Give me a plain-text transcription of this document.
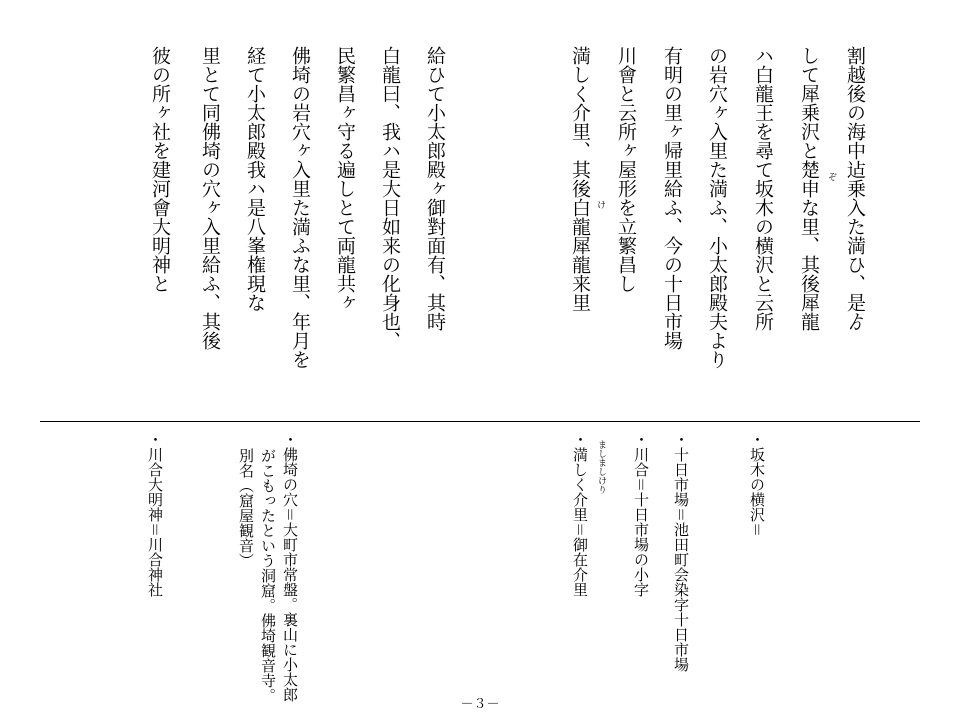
割越後の海中迠乗入た満ひ、是ゟ
して犀乗沢と楚申な里、其後犀龍 ぞ
ハ白龍王を尋て坂木の横沢と云所
の岩穴ヶ入里た満ふ、小太郎殿夫より
有明の里ヶ帰里給ふ、今の十日市場
川會と云所ヶ屋形を立繁昌し
け
満しく介里、其後白龍犀龍来里
給ひて小太郎殿ヶ御對面有、其時
白龍曰、我ハ是大日如来の化身也、
民繁昌ヶ守る遍しとて両龍共ヶ
佛埼の岩穴ヶ入里た満ふな里、年月を
経て小太郎殿我ハ是八峯権現な
里とて同佛埼の穴ヶ入里給ふ、其後
彼の所ヶ社を建河會大明神と
・坂木の横沢＝
・十日市場＝池田町会染字十日市場
・川合＝十日市場の小字
ましましけり
・満しく介里＝御在介里
・佛埼の穴＝大町市常盤。裏山に小太郎
がこもったという洞窟。佛埼観音寺。
別名（窟屋観音）
・川合大明神＝川合神社
－３－
